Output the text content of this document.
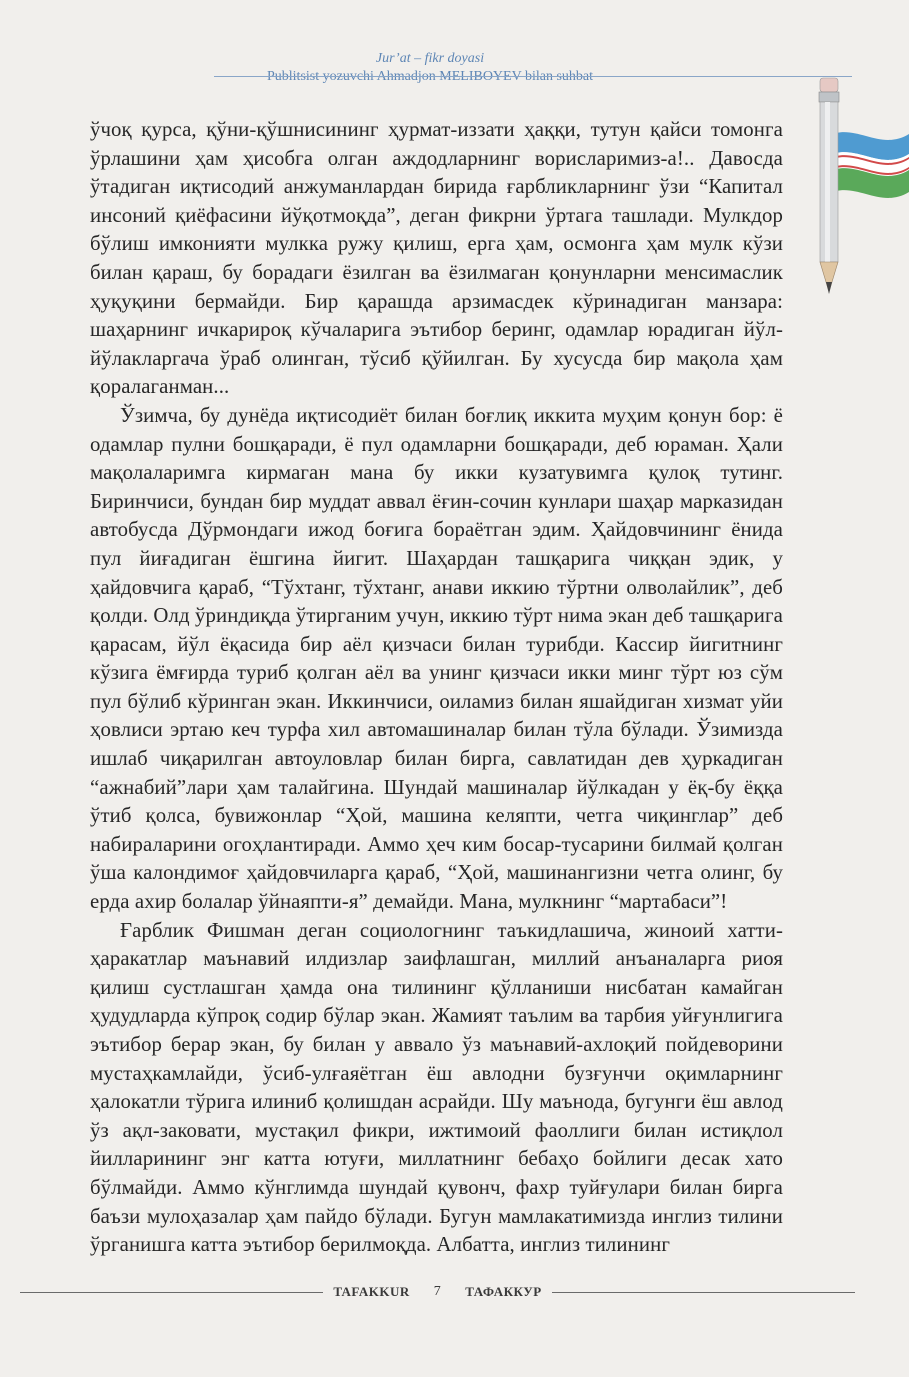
Jur’at – fikr doyasi
Publitsist yozuvchi Ahmadjon MELIBOYEV bilan suhbat

ўчоқ қурса, қўни-қўшнисининг ҳурмат-иззати ҳаққи, тутун қайси томонга ўрлашини ҳам ҳисобга олган аждодларнинг ворисларимиз-а!.. Давосда ўтадиган иқтисодий анжуманлардан бирида ғарбликларнинг ўзи “Капитал инсоний қиёфасини йўқотмоқда”, деган фикрни ўртага ташлади. Мулкдор бўлиш имконияти мулкка ружу қилиш, ерга ҳам, осмонга ҳам мулк кўзи билан қараш, бу борадаги ёзилган ва ёзилмаган қонунларни менсимаслик ҳуқуқини бермайди. Бир қарашда арзимасдек кўринадиган манзара: шаҳарнинг ичкарироқ кўчаларига эътибор беринг, одамлар юрадиган йўл-йўлакларгача ўраб олинган, тўсиб қўйилган. Бу хусусда бир мақола ҳам қоралаганман...

Ўзимча, бу дунёда иқтисодиёт билан боғлиқ иккита муҳим қонун бор: ё одамлар пулни бошқаради, ё пул одамларни бошқаради, деб юраман. Ҳали мақолаларимга кирмаган мана бу икки кузатувимга қулоқ тутинг. Биринчиси, бундан бир муддат аввал ёғин-сочин кунлари шаҳар марказидан автобусда Дўрмондаги ижод боғига бораётган эдим. Ҳайдовчининг ёнида пул йиғадиган ёшгина йигит. Шаҳардан ташқарига чиққан эдик, у ҳайдовчига қараб, “Тўхтанг, тўхтанг, анави иккию тўртни олволайлик”, деб қолди. Олд ўриндиқда ўтирганим учун, иккию тўрт нима экан деб ташқарига қарасам, йўл ёқасида бир аёл қизчаси билан турибди. Кассир йигитнинг кўзига ёмғирда туриб қолган аёл ва унинг қизчаси икки минг тўрт юз сўм пул бўлиб кўринган экан. Иккинчиси, оиламиз билан яшайдиган хизмат уйи ҳовлиси эртаю кеч турфа хил автомашиналар билан тўла бўлади. Ўзимизда ишлаб чиқарилган автоуловлар билан бирга, савлатидан дев ҳуркадиган “ажнабий”лари ҳам талайгина. Шундай машиналар йўлкадан у ёқ-бу ёққа ўтиб қолса, бувижонлар “Ҳой, машина келяпти, четга чиқинглар” деб набираларини огоҳлантиради. Аммо ҳеч ким босар-тусарини билмай қолган ўша калондимоғ ҳайдовчиларга қараб, “Ҳой, машинангизни четга олинг, бу ерда ахир болалар ўйнаяпти-я” демайди. Мана, мулкнинг “мартабаси”!

Ғарблик Фишман деган социологнинг таъкидлашича, жиноий хатти-ҳаракатлар маънавий илдизлар заифлашган, миллий анъаналарга риоя қилиш сустлашган ҳамда она тилининг қўлланиши нисбатан камайган ҳудудларда кўпроқ содир бўлар экан. Жамият таълим ва тарбия уйғунлигига эътибор берар экан, бу билан у аввало ўз маънавий-ахлоқий пойдеворини мустаҳкамлайди, ўсиб-улғаяётган ёш авлодни бузғунчи оқимларнинг ҳалокатли тўрига илиниб қолишдан асрайди. Шу маънода, бугунги ёш авлод ўз ақл-заковати, мустақил фикри, ижтимоий фаоллиги билан истиқлол йилларининг энг катта ютуғи, миллатнинг бебаҳо бойлиги десак хато бўлмайди. Аммо кўнглимда шундай қувонч, фахр туйғулари билан бирга баъзи мулоҳазалар ҳам пайдо бўлади. Бугун мамлакатимизда инглиз тилини ўрганишга катта эътибор берилмоқда. Албатта, инглиз тилининг

TAFAKKUR 7 ТАФАККУР
